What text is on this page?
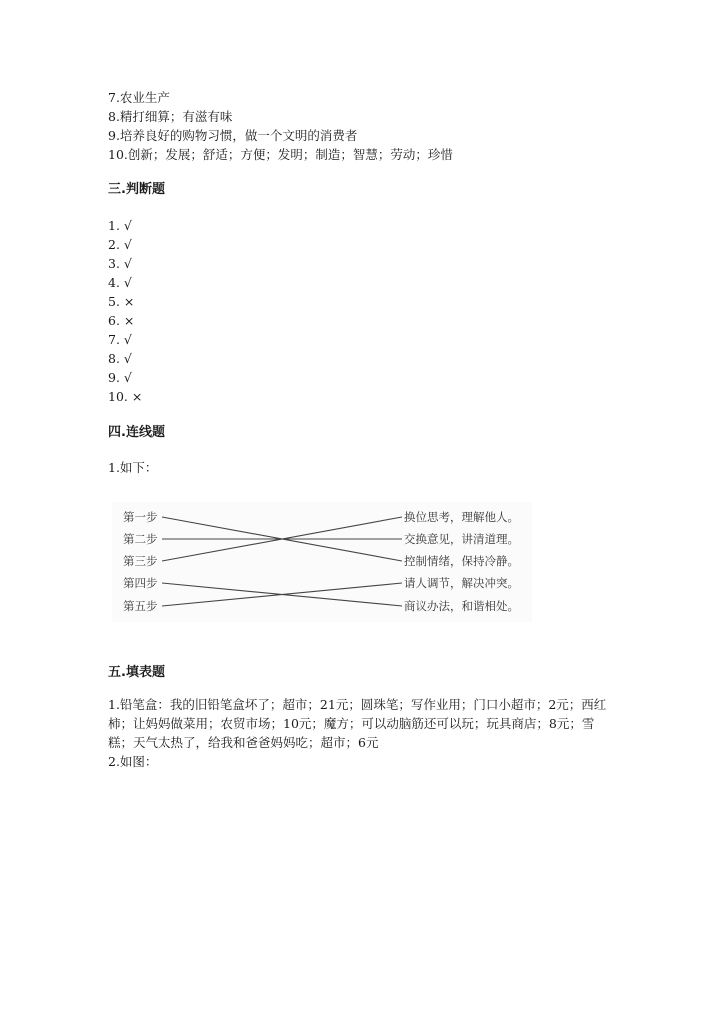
7.农业生产
8.精打细算；有滋有味
9.培养良好的购物习惯，做一个文明的消费者
10.创新；发展；舒适；方便；发明；制造；智慧；劳动；珍惜
三.判断题
1. √
2. √
3. √
4. √
5. ×
6. ×
7. √
8. √
9. √
10. ×
四.连线题
1.如下：
第一步
第二步
第三步
第四步
第五步
换位思考，理解他人。
交换意见，讲清道理。
控制情绪，保持冷静。
请人调节，解决冲突。
商议办法，和谐相处。
五.填表题
1.铅笔盒：我的旧铅笔盒坏了；超市；21元；圆珠笔；写作业用；门口小超市；2元；西红柿；让妈妈做菜用；农贸市场；10元；魔方；可以动脑筋还可以玩；玩具商店；8元；雪糕；天气太热了，给我和爸爸妈妈吃；超市；6元
2.如图：
